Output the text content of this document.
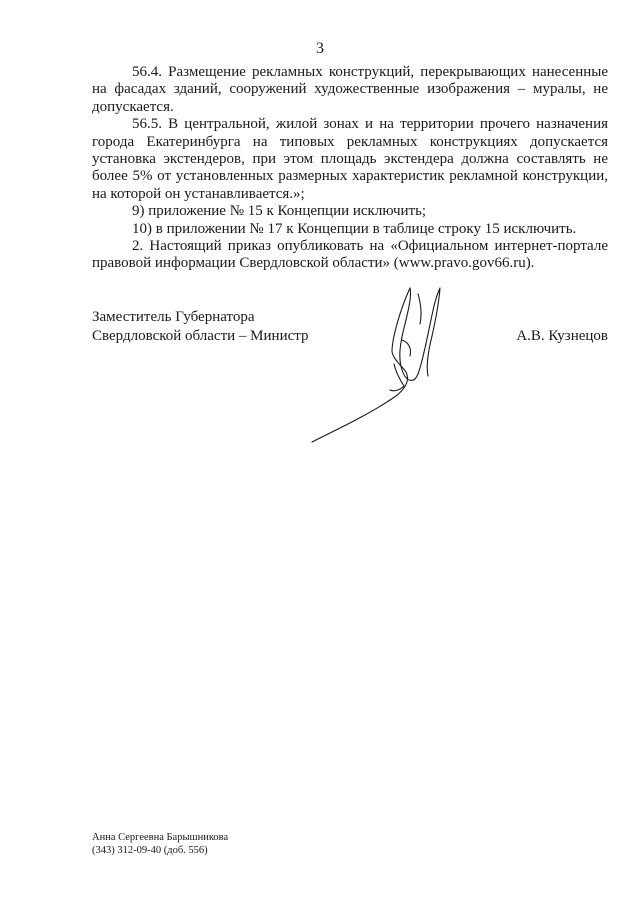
3

56.4. Размещение рекламных конструкций, перекрывающих нанесенные на фасадах зданий, сооружений художественные изображения – муралы, не допускается.

56.5. В центральной, жилой зонах и на территории прочего назначения города Екатеринбурга на типовых рекламных конструкциях допускается установка экстендеров, при этом площадь экстендера должна составлять не более 5% от установленных размерных характеристик рекламной конструкции, на которой он устанавливается.»;

9) приложение № 15 к Концепции исключить;

10) в приложении № 17 к Концепции в таблице строку 15 исключить.

2. Настоящий приказ опубликовать на «Официальном интернет-портале правовой информации Свердловской области» (www.pravo.gov66.ru).

Заместитель Губернатора
Свердловской области – Министр	А.В. Кузнецов
Анна Сергеевна Барышникова
(343) 312-09-40 (доб. 556)
